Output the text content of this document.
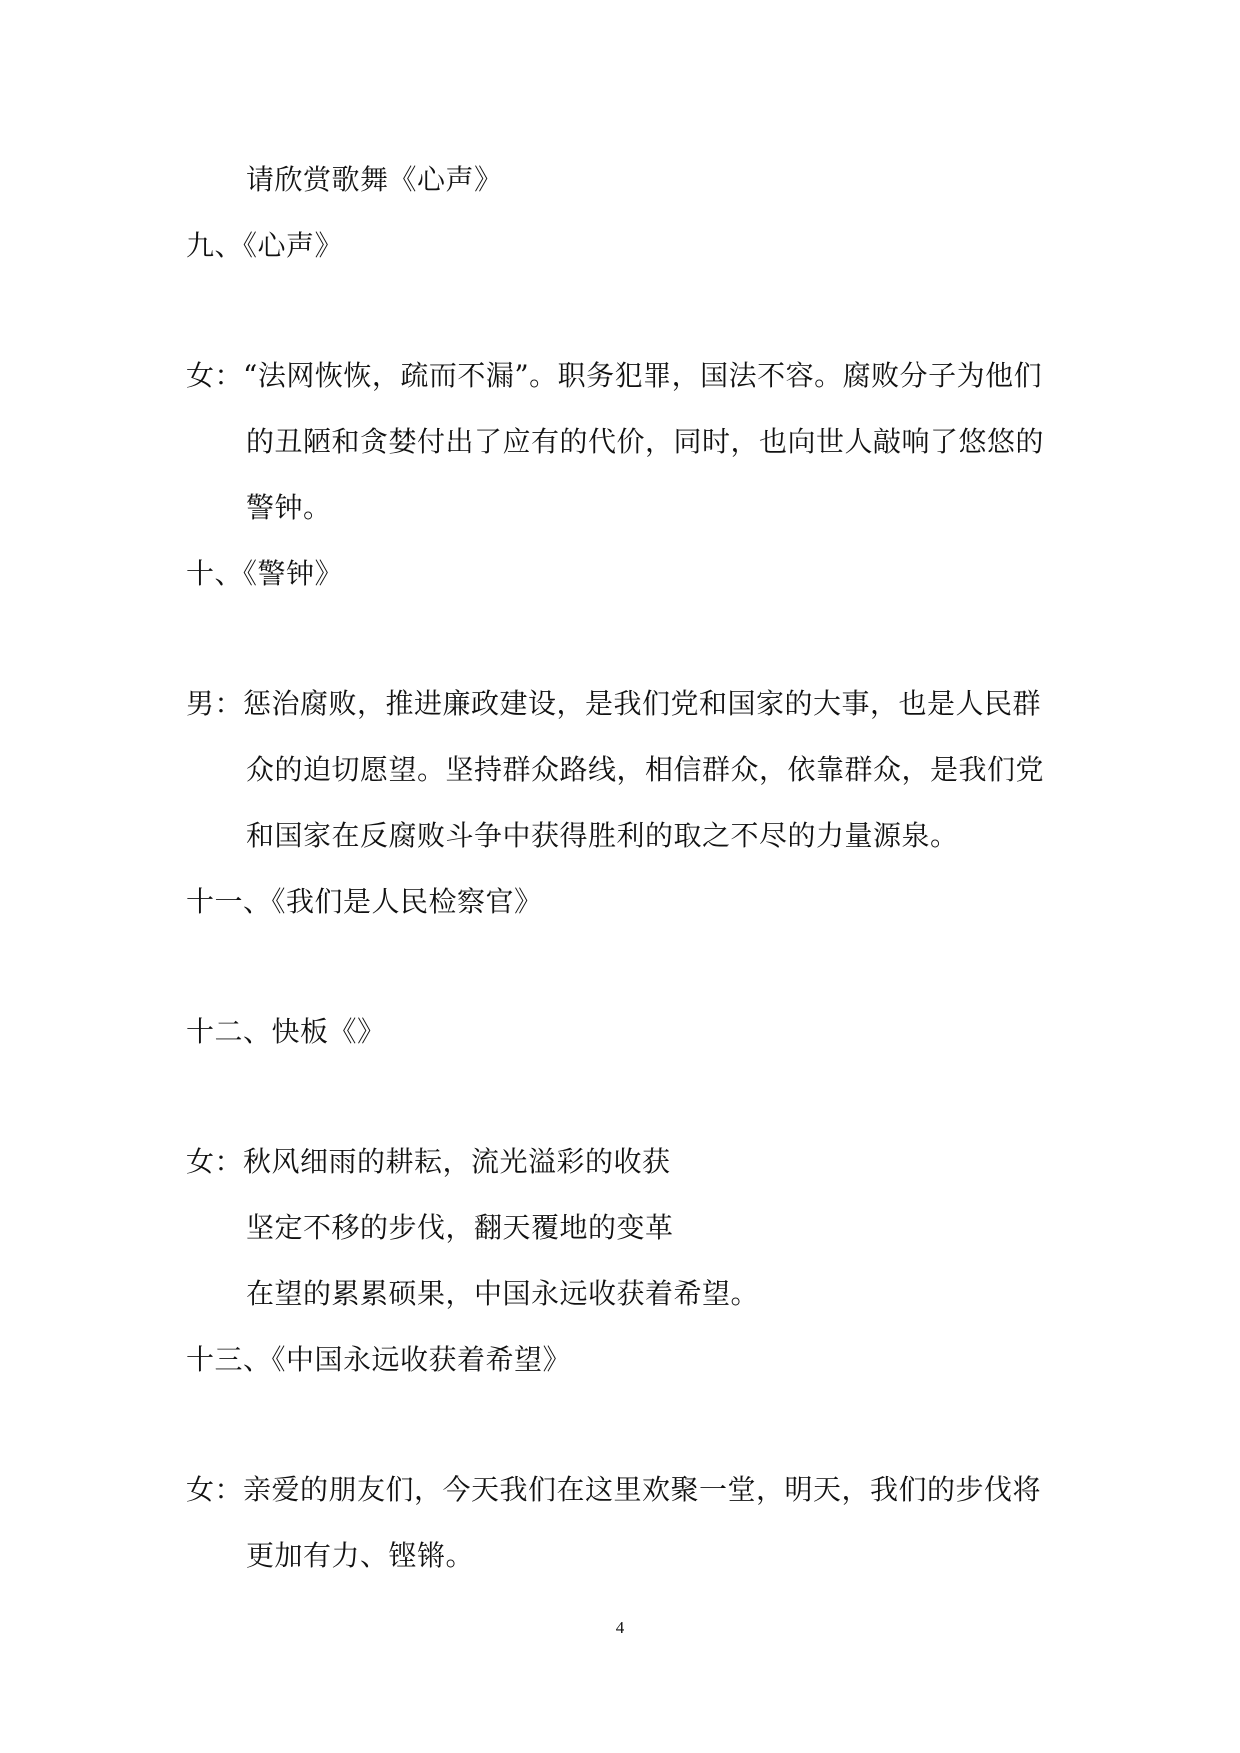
请欣赏歌舞《心声》
九、《心声》
女：“法网恢恢，疏而不漏”。职务犯罪，国法不容。腐败分子为他们
的丑陋和贪婪付出了应有的代价，同时，也向世人敲响了悠悠的
警钟。
十、《警钟》
男：惩治腐败，推进廉政建设，是我们党和国家的大事，也是人民群
众的迫切愿望。坚持群众路线，相信群众，依靠群众，是我们党
和国家在反腐败斗争中获得胜利的取之不尽的力量源泉。
十一、《我们是人民检察官》
十二、快板《》
女：秋风细雨的耕耘，流光溢彩的收获
坚定不移的步伐，翻天覆地的变革
在望的累累硕果，中国永远收获着希望。
十三、《中国永远收获着希望》
女：亲爱的朋友们，今天我们在这里欢聚一堂，明天，我们的步伐将
更加有力、铿锵。
4
